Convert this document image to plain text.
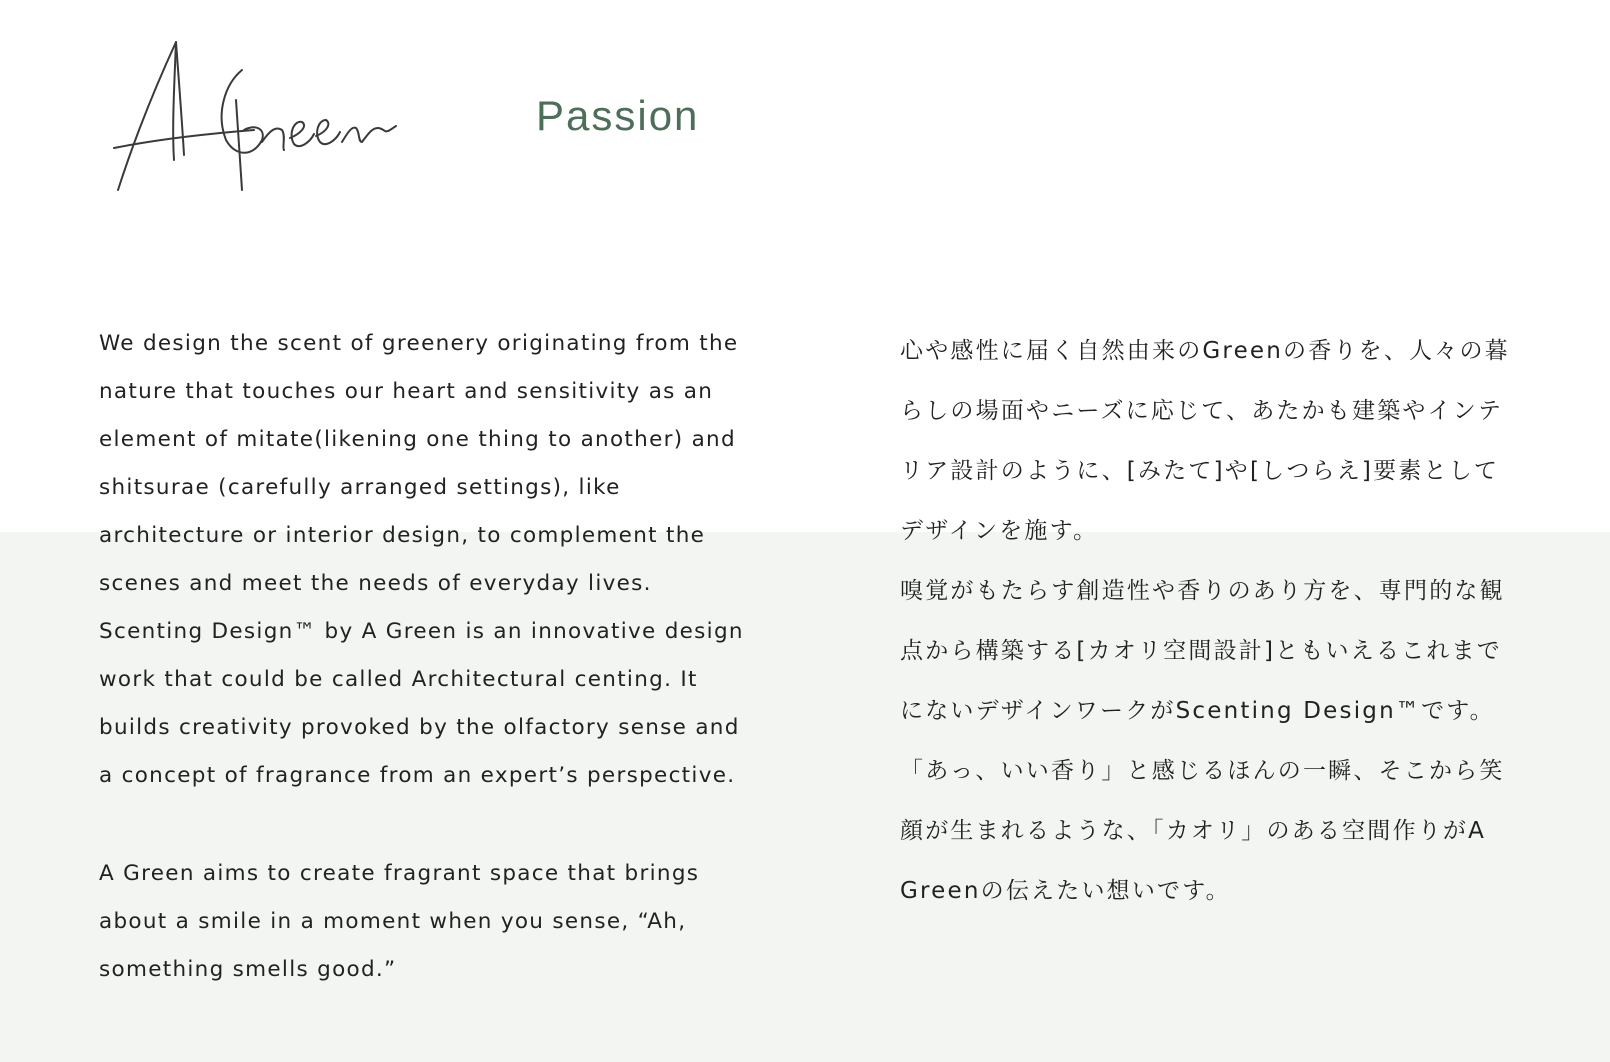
Passion

We design the scent of greenery originating from the nature that touches our heart and sensitivity as an element of mitate(likening one thing to another) and shitsurae (carefully arranged settings), like architecture or interior design, to complement the scenes and meet the needs of everyday lives. Scenting Design™ by A Green is an innovative design work that could be called Architectural centing. It builds creativity provoked by the olfactory sense and a concept of fragrance from an expert’s perspective.

A Green aims to create fragrant space that brings about a smile in a moment when you sense, “Ah, something smells good.”

心や感性に届く自然由来のGreenの香りを、人々の暮らしの場面やニーズに応じて、あたかも建築やインテリア設計のように、[みたて]や[しつらえ]要素としてデザインを施す。

嗅覚がもたらす創造性や香りのあり方を、専門的な観点から構築する[カオリ空間設計]ともいえるこれまでにないデザインワークがScenting Design™です。

「あっ、いい香り」と感じるほんの一瞬、そこから笑顔が生まれるような、「カオリ」のある空間作りがA Greenの伝えたい想いです。
